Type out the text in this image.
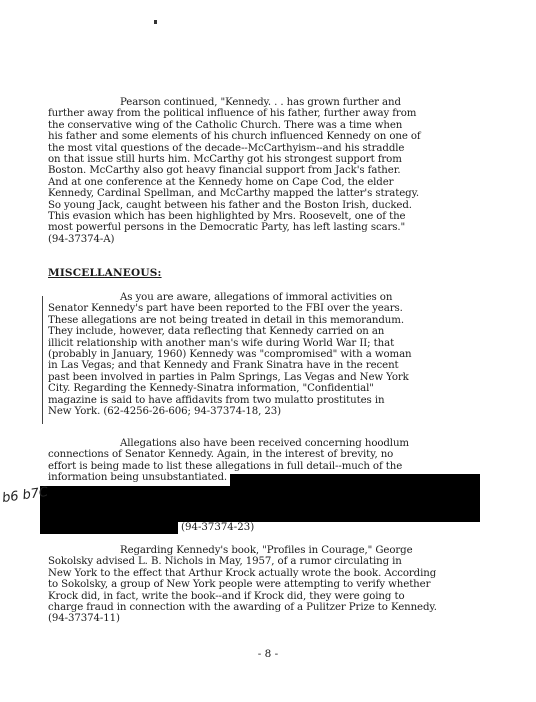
Pearson continued, "Kennedy. . . has grown further and
further away from the political influence of his father, further away from
the conservative wing of the Catholic Church. There was a time when
his father and some elements of his church influenced Kennedy on one of
the most vital questions of the decade--McCarthyism--and his straddle
on that issue still hurts him. McCarthy got his strongest support from
Boston. McCarthy also got heavy financial support from Jack's father.
And at one conference at the Kennedy home on Cape Cod, the elder
Kennedy, Cardinal Spellman, and McCarthy mapped the latter's strategy.
So young Jack, caught between his father and the Boston Irish, ducked.
This evasion which has been highlighted by Mrs. Roosevelt, one of the
most powerful persons in the Democratic Party, has left lasting scars."
(94-37374-A)
MISCELLANEOUS:
As you are aware, allegations of immoral activities on
Senator Kennedy's part have been reported to the FBI over the years.
These allegations are not being treated in detail in this memorandum.
They include, however, data reflecting that Kennedy carried on an
illicit relationship with another man's wife during World War II; that
(probably in January, 1960) Kennedy was "compromised" with a woman
in Las Vegas; and that Kennedy and Frank Sinatra have in the recent
past been involved in parties in Palm Springs, Las Vegas and New York
City. Regarding the Kennedy-Sinatra information, "Confidential"
magazine is said to have affidavits from two mulatto prostitutes in
New York. (62-4256-26-606; 94-37374-18, 23)
Allegations also have been received concerning hoodlum
connections of Senator Kennedy. Again, in the interest of brevity, no
effort is being made to list these allegations in full detail--much of the
information being unsubstantiated.
(94-37374-23)
b6 b7C
Regarding Kennedy's book, "Profiles in Courage," George
Sokolsky advised L. B. Nichols in May, 1957, of a rumor circulating in
New York to the effect that Arthur Krock actually wrote the book. According
to Sokolsky, a group of New York people were attempting to verify whether
Krock did, in fact, write the book--and if Krock did, they were going to
charge fraud in connection with the awarding of a Pulitzer Prize to Kennedy.
(94-37374-11)
- 8 -
